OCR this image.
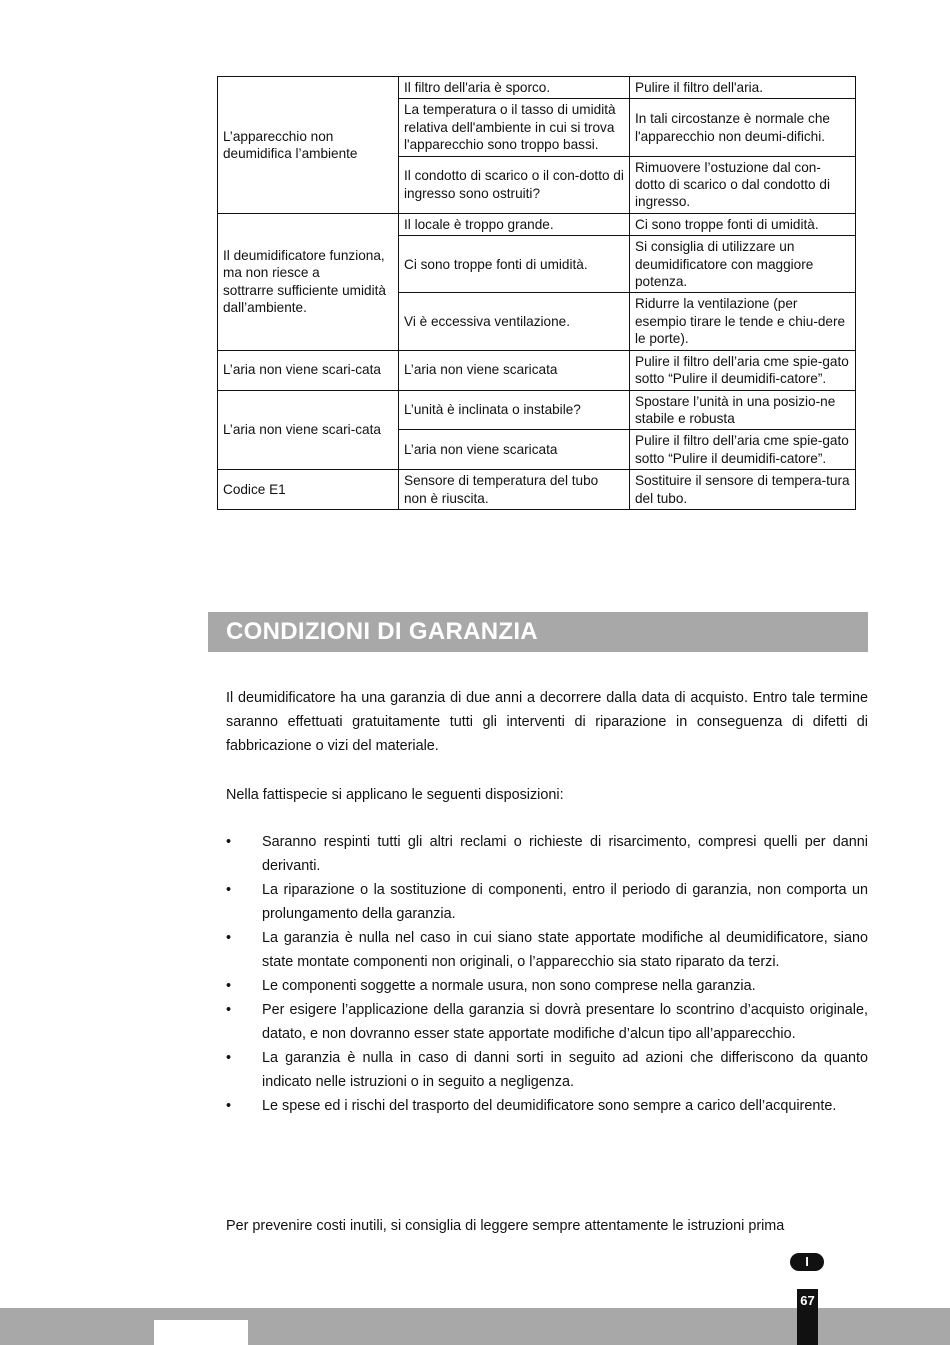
L’apparecchio non deumidifica l’ambiente	Il filtro dell'aria è sporco.	Pulire il filtro dell'aria.
	La temperatura o il tasso di umidità relativa dell'ambiente in cui si trova l'apparecchio sono troppo bassi.	In tali circostanze è normale che l'apparecchio non deumi-difichi.
	Il condotto di scarico o il con-dotto di ingresso sono ostruiti?	Rimuovere l’ostuzione dal con-dotto di scarico o dal condotto di ingresso.
Il deumidificatore funziona, ma non riesce a
sottrarre sufficiente umidità dall’ambiente.	Il locale è troppo grande.	Ci sono troppe fonti di umidità.
	Ci sono troppe fonti di umidità.	Si consiglia di utilizzare un deumidificatore con maggiore potenza.
	Vi è eccessiva ventilazione.	Ridurre la ventilazione (per esempio tirare le tende e chiu-dere le porte).
L’aria non viene scari-cata	L’aria non viene scaricata	Pulire il filtro dell’aria cme spie-gato sotto “Pulire il deumidifi-catore”.
L’aria non viene scari-cata	L’unità è inclinata o instabile?	Spostare l’unità in una posizio-ne stabile e robusta
	L’aria non viene scaricata	Pulire il filtro dell’aria cme spie-gato sotto “Pulire il deumidifi-catore”.
Codice E1	Sensore di temperatura del tubo non è riuscita.	Sostituire il sensore di tempera-tura del tubo.
CONDIZIONI DI GARANZIA
Il deumidificatore ha una garanzia di due anni a decorrere dalla data di acquisto. Entro tale termine saranno effettuati gratuitamente tutti gli interventi di riparazione in conseguenza di difetti di fabbricazione o vizi del materiale.
Nella fattispecie si applicano le seguenti disposizioni:
• Saranno respinti tutti gli altri reclami o richieste di risarcimento, compresi quelli per danni derivanti.
• La riparazione o la sostituzione di componenti, entro il periodo di garanzia, non comporta un prolungamento della garanzia.
• La garanzia è nulla nel caso in cui siano state apportate modifiche al deumidificatore, siano state montate componenti non originali, o l’apparecchio sia stato riparato da terzi.
• Le componenti soggette a normale usura, non sono comprese nella garanzia.
• Per esigere l’applicazione della garanzia si dovrà presentare lo scontrino d’acquisto originale, datato, e non dovranno esser state apportate modifiche d’alcun tipo all’apparecchio.
• La garanzia è nulla in caso di danni sorti in seguito ad azioni che differiscono da quanto indicato nelle istruzioni o in seguito a negligenza.
• Le spese ed i rischi del trasporto del deumidificatore sono sempre a carico dell’acquirente.
Per prevenire costi inutili, si consiglia di leggere sempre attentamente le istruzioni prima
I
67
